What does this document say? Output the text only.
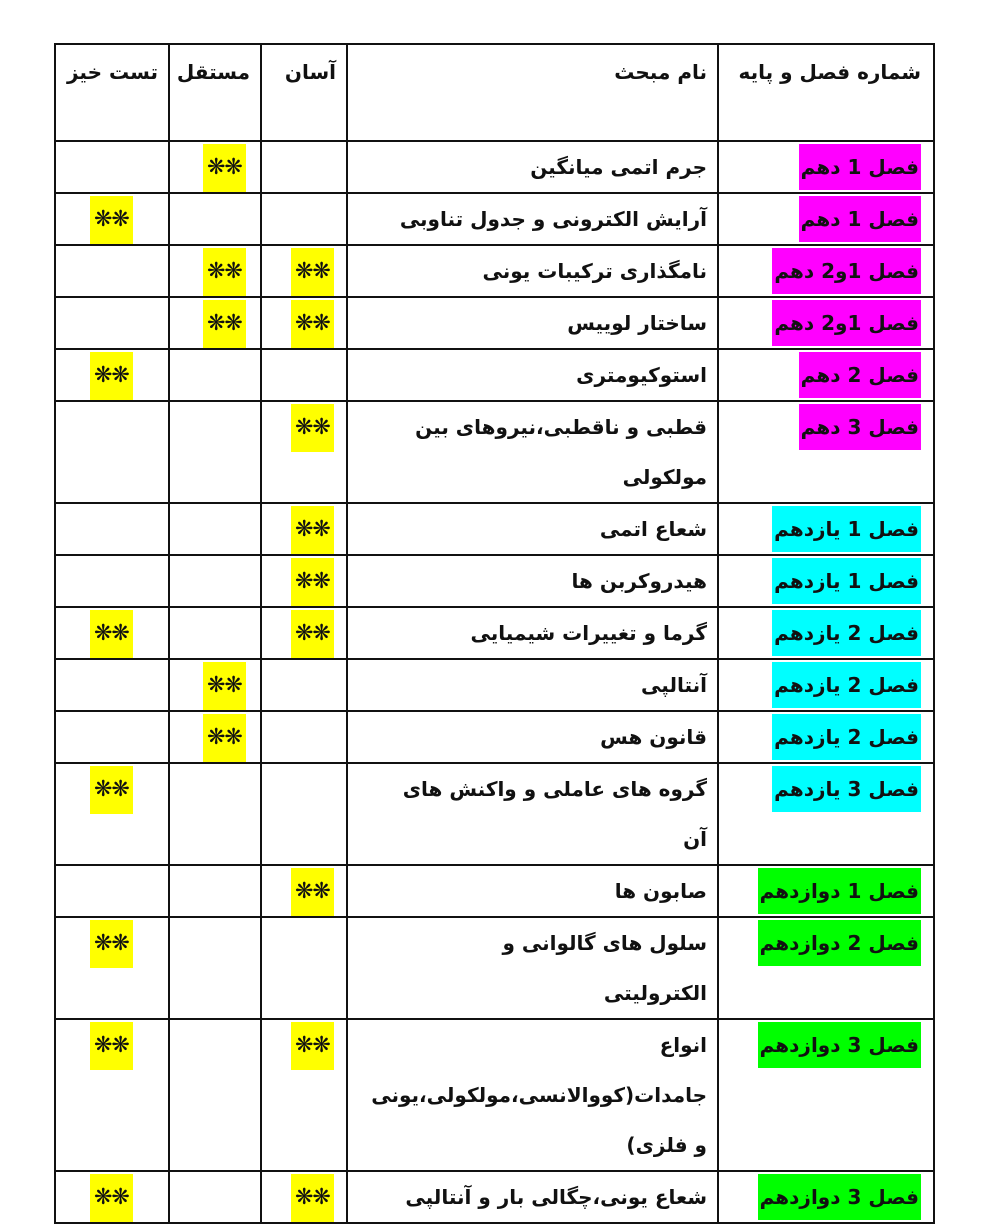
شماره فصل و پایه	نام مبحث	آسان	مستقل	تست خیز
فصل 1 دهم	جرم اتمی میانگین		❋❋	
فصل 1 دهم	آرایش الکترونی و جدول تناوبی			❋❋
فصل 1و2 دهم	نامگذاری ترکیبات یونی	❋❋	❋❋	
فصل 1و2 دهم	ساختار لوییس	❋❋	❋❋	
فصل 2 دهم	استوکیومتری			❋❋
فصل 3 دهم	قطبی و ناقطبی،نیروهای بین مولکولی	❋❋		
فصل 1 یازدهم	شعاع اتمی	❋❋		
فصل 1 یازدهم	هیدروکربن ها	❋❋		
فصل 2 یازدهم	گرما و تغییرات شیمیایی	❋❋		❋❋
فصل 2 یازدهم	آنتالپی		❋❋	
فصل 2 یازدهم	قانون هس		❋❋	
فصل 3 یازدهم	گروه های عاملی و واکنش های آن			❋❋
فصل 1 دوازدهم	صابون ها	❋❋		
فصل 2 دوازدهم	سلول های گالوانی و الکترولیتی			❋❋
فصل 3 دوازدهم	انواع جامدات(کووالانسی،مولکولی،یونی و فلزی)	❋❋		❋❋
فصل 3 دوازدهم	شعاع یونی،چگالی بار و آنتالپی	❋❋		❋❋
